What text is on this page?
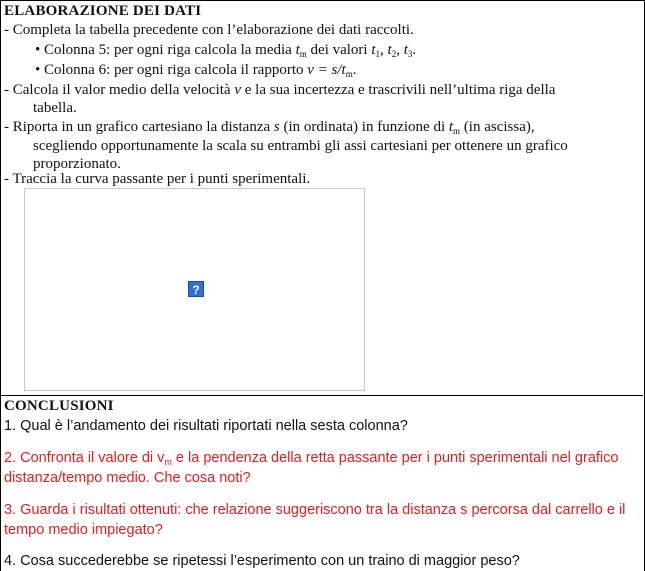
ELABORAZIONE DEI DATI
- Completa la tabella precedente con l’elaborazione dei dati raccolti.
• Colonna 5: per ogni riga calcola la media $t_m$ dei valori $t_1$, $t_2$, $t_3$.
• Colonna 6: per ogni riga calcola il rapporto $v = s/t_m$.
- Calcola il valor medio della velocità v e la sua incertezza e trascrivili nell’ultima riga della
tabella.
- Riporta in un grafico cartesiano la distanza s (in ordinata) in funzione di $t_m$ (in ascissa),
scegliendo opportunamente la scala su entrambi gli assi cartesiani per ottenere un grafico
proporzionato.
- Traccia la curva passante per i punti sperimentali.
?
CONCLUSIONI
1. Qual è l’andamento dei risultati riportati nella sesta colonna?
2. Confronta il valore di $v_m$ e la pendenza della retta passante per i punti sperimentali nel grafico
distanza/tempo medio. Che cosa noti?
3. Guarda i risultati ottenuti: che relazione suggeriscono tra la distanza s percorsa dal carrello e il
tempo medio impiegato?
4. Cosa succederebbe se ripetessi l’esperimento con un traino di maggior peso?
